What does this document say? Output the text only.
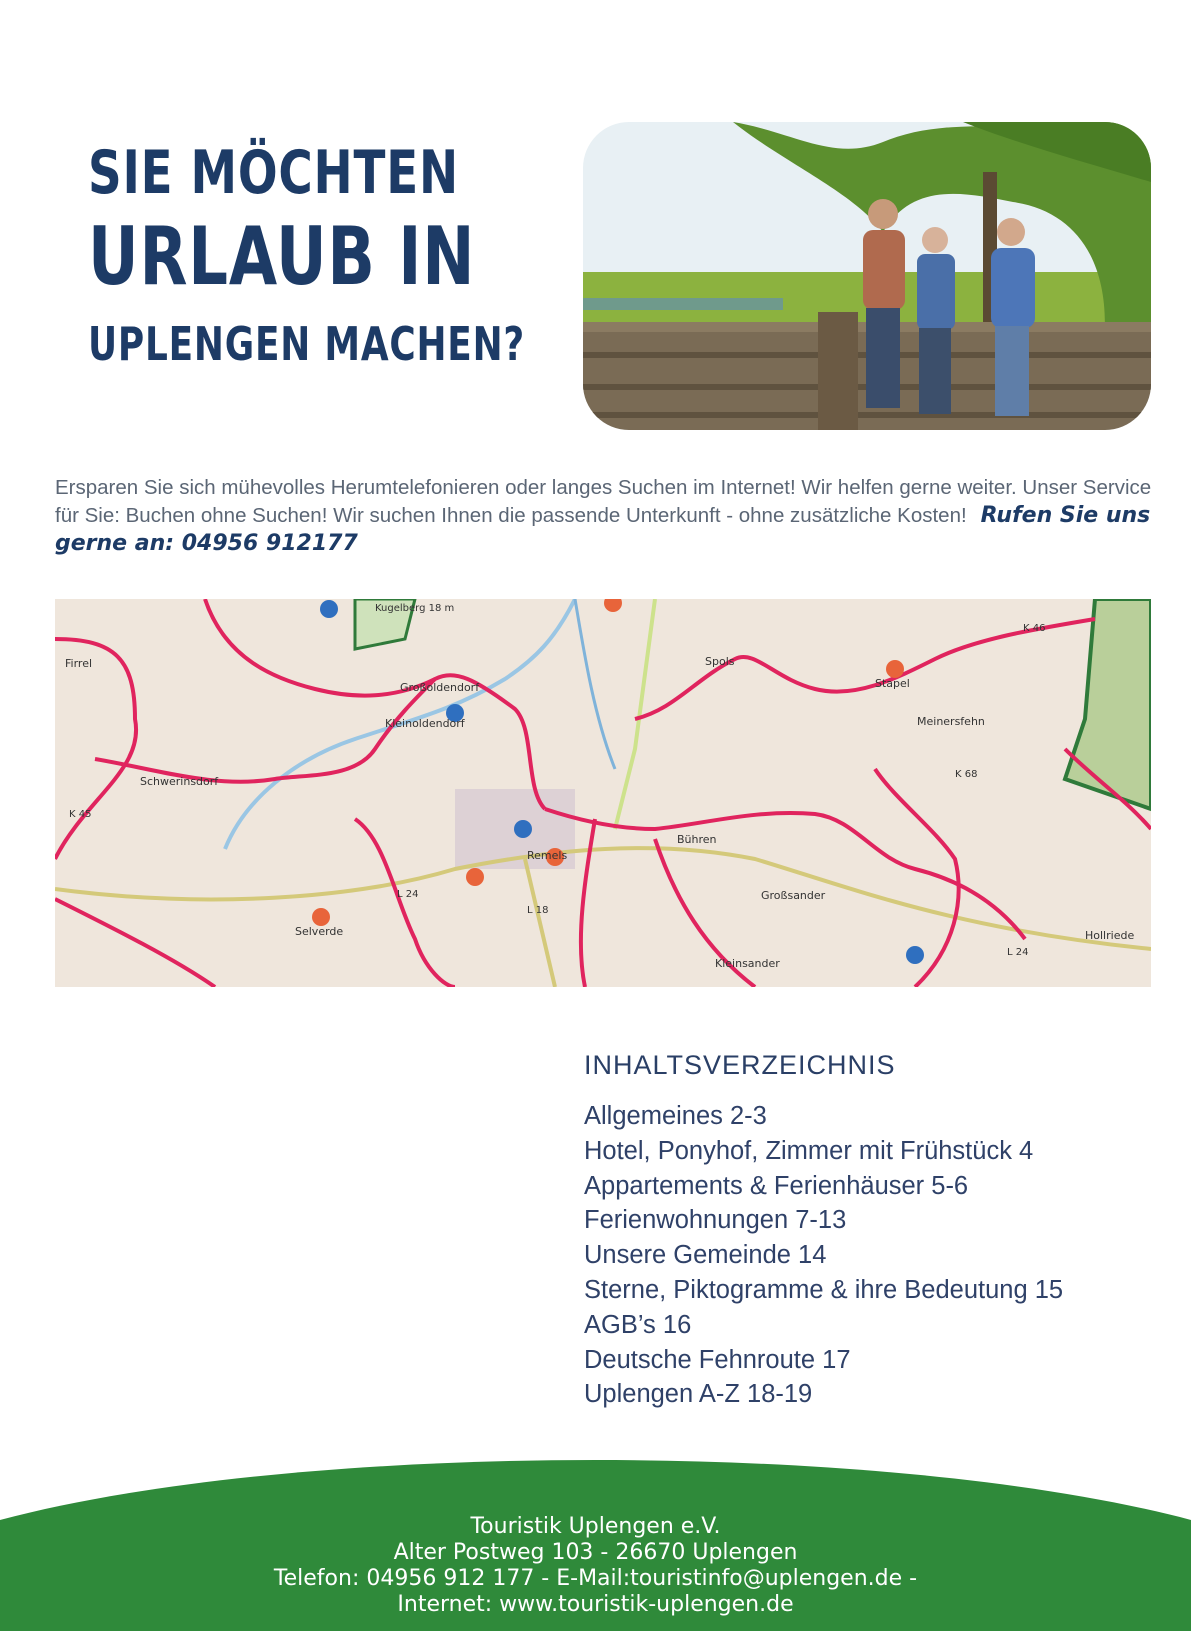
SIE MÖCHTEN
URLAUB IN
UPLENGEN MACHEN?
Ersparen Sie sich mühevolles Herumtelefonieren oder langes Suchen im Internet! Wir helfen gerne weiter. Unser Service für Sie: Buchen ohne Suchen! Wir suchen Ihnen die passende Unterkunft - ohne zusätzliche Kosten! Rufen Sie uns gerne an: 04956 912177
Großoldendorf
Kleinoldendorf
Schwerinsdorf
Firrel
Kugelberg 18 m
Spols
Stapel
Meinersfehn
Remels
Bühren
Großsander
Selverde
Kleinsander
Hollriede
K 45
K 46
K 68
L 24
L 18
L 24
INHALTSVERZEICHNIS
Allgemeines 2-3
Hotel, Ponyhof, Zimmer mit Frühstück 4
Appartements & Ferienhäuser 5-6
Ferienwohnungen 7-13
Unsere Gemeinde 14
Sterne, Piktogramme & ihre Bedeutung 15
AGB’s 16
Deutsche Fehnroute 17
Uplengen A-Z 18-19
Touristik Uplengen e.V.
Alter Postweg 103 - 26670 Uplengen
Telefon: 04956 912 177 - E-Mail:touristinfo@uplengen.de -
Internet: www.touristik-uplengen.de
